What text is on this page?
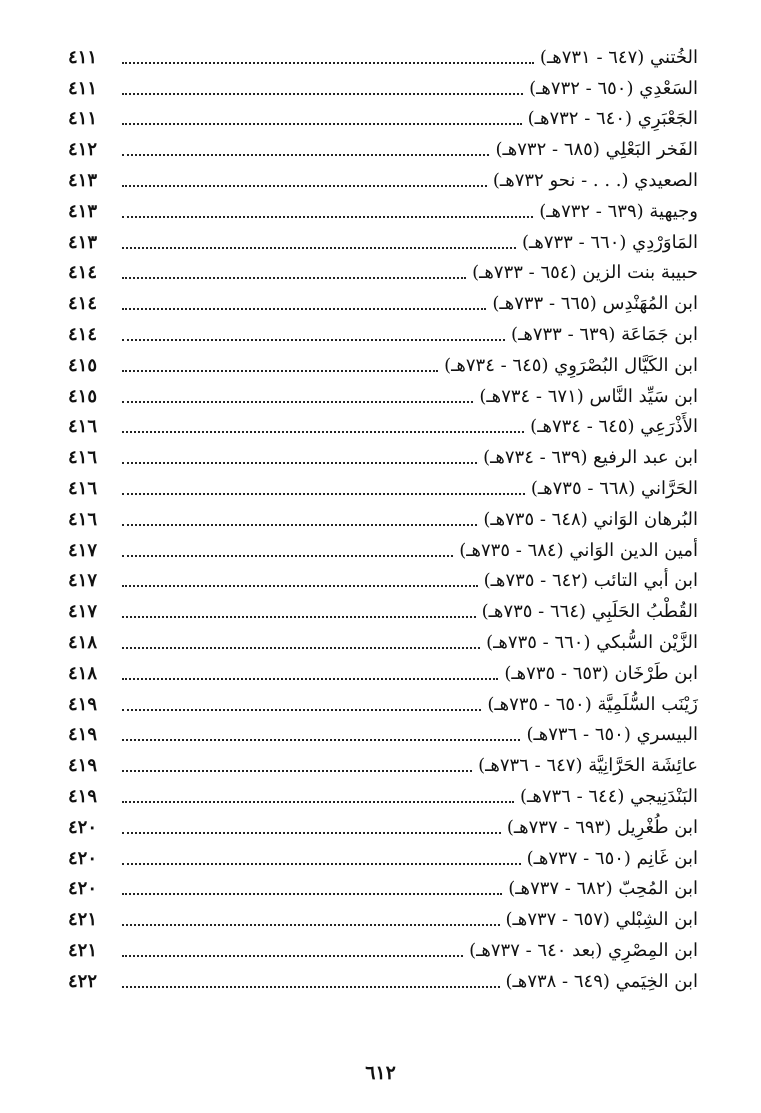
الخُتني (٦٤٧ - ٧٣١هـ)
٤١١
السَعْدِي (٦٥٠ - ٧٣٢هـ)
٤١١
الجَعْبَرِي (٦٤٠ - ٧٣٢هـ)
٤١١
الفَخر البَعْلِي (٦٨٥ - ٧٣٢هـ)
٤١٢
الصعيدي (. . . - نحو ٧٣٢هـ)
٤١٣
وجيهية (٦٣٩ - ٧٣٢هـ)
٤١٣
المَاوَرْدِي (٦٦٠ - ٧٣٣هـ)
٤١٣
حبيبة بنت الزين (٦٥٤ - ٧٣٣هـ)
٤١٤
ابن المُهَنْدِس (٦٦٥ - ٧٣٣هـ)
٤١٤
ابن جَمَاعَة (٦٣٩ - ٧٣٣هـ)
٤١٤
ابن الكَيَّال البُصْرَوِي (٦٤٥ - ٧٣٤هـ)
٤١٥
ابن سَيِّد النَّاس (٦٧١ - ٧٣٤هـ)
٤١٥
الأَذْرَعِي (٦٤٥ - ٧٣٤هـ)
٤١٦
ابن عبد الرفيع (٦٣٩ - ٧٣٤هـ)
٤١٦
الحَرَّاني (٦٦٨ - ٧٣٥هـ)
٤١٦
البُرهان الوَاني (٦٤٨ - ٧٣٥هـ)
٤١٦
أمين الدين الوَاني (٦٨٤ - ٧٣٥هـ)
٤١٧
ابن أبي التائب (٦٤٢ - ٧٣٥هـ)
٤١٧
القُطْبُ الحَلَبِي (٦٦٤ - ٧٣٥هـ)
٤١٧
الزَّيْن السُّبكي (٦٦٠ - ٧٣٥هـ)
٤١٨
ابن طَرْخَان (٦٥٣ - ٧٣٥هـ)
٤١٨
زَيْنَب السُّلَمِيَّة (٦٥٠ - ٧٣٥هـ)
٤١٩
البيسري (٦٥٠ - ٧٣٦هـ)
٤١٩
عائِشَة الحَرَّانِيَّة (٦٤٧ - ٧٣٦هـ)
٤١٩
البَنْدَنِيجي (٦٤٤ - ٧٣٦هـ)
٤١٩
ابن طُغْرِيل (٦٩٣ - ٧٣٧هـ)
٤٢٠
ابن غَانِم (٦٥٠ - ٧٣٧هـ)
٤٢٠
ابن المُحِبّ (٦٨٢ - ٧٣٧هـ)
٤٢٠
ابن الشِبْلي (٦٥٧ - ٧٣٧هـ)
٤٢١
ابن المِصْرِي (بعد ٦٤٠ - ٧٣٧هـ)
٤٢١
ابن الخِيَمي (٦٤٩ - ٧٣٨هـ)
٤٢٢
٦١٢
